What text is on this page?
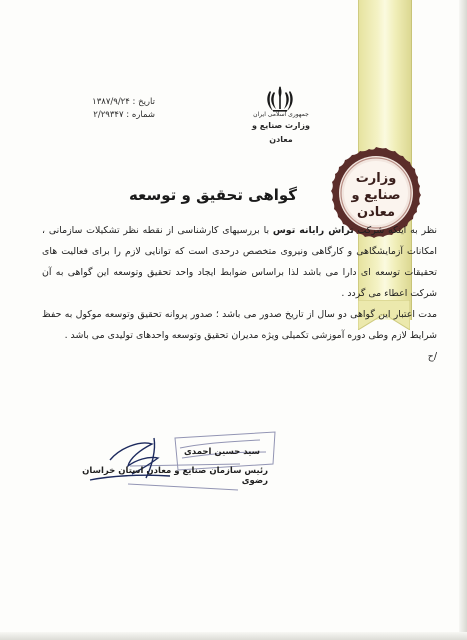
وزارت
صنایع و
معادن
جمهوری اسلامی ایران
وزارت صنایع و معادن
تاریخ : ۱۳۸۷/۹/۲۴
شماره : ۲/۲۹۳۴۷
گواهی تحقیق و توسعه

نظر به اینکه شرکت تراش رایانه توس با بررسیهای کارشناسی از نقطه نظر تشکیلات سازمانی ، امکانات آزمایشگاهی و کارگاهی ونیروی متخصص درحدی است که توانایی لازم را برای فعالیت های تحقیقات توسعه ای دارا می باشد لذا براساس ضوابط ایجاد واحد تحقیق وتوسعه این گواهی به آن شرکت اعطاء می گردد .

مدت اعتبار این گواهی دو سال از تاریخ صدور می باشد ؛ صدور پروانه تحقیق وتوسعه موکول به حفظ شرایط لازم وطی دوره آموزشی تکمیلی ویژه مدیران تحقیق وتوسعه واحدهای تولیدی می باشد .

/ح

سید حسین احمدی
رئیس سازمان صنایع و معادن استان خراسان رضوی
